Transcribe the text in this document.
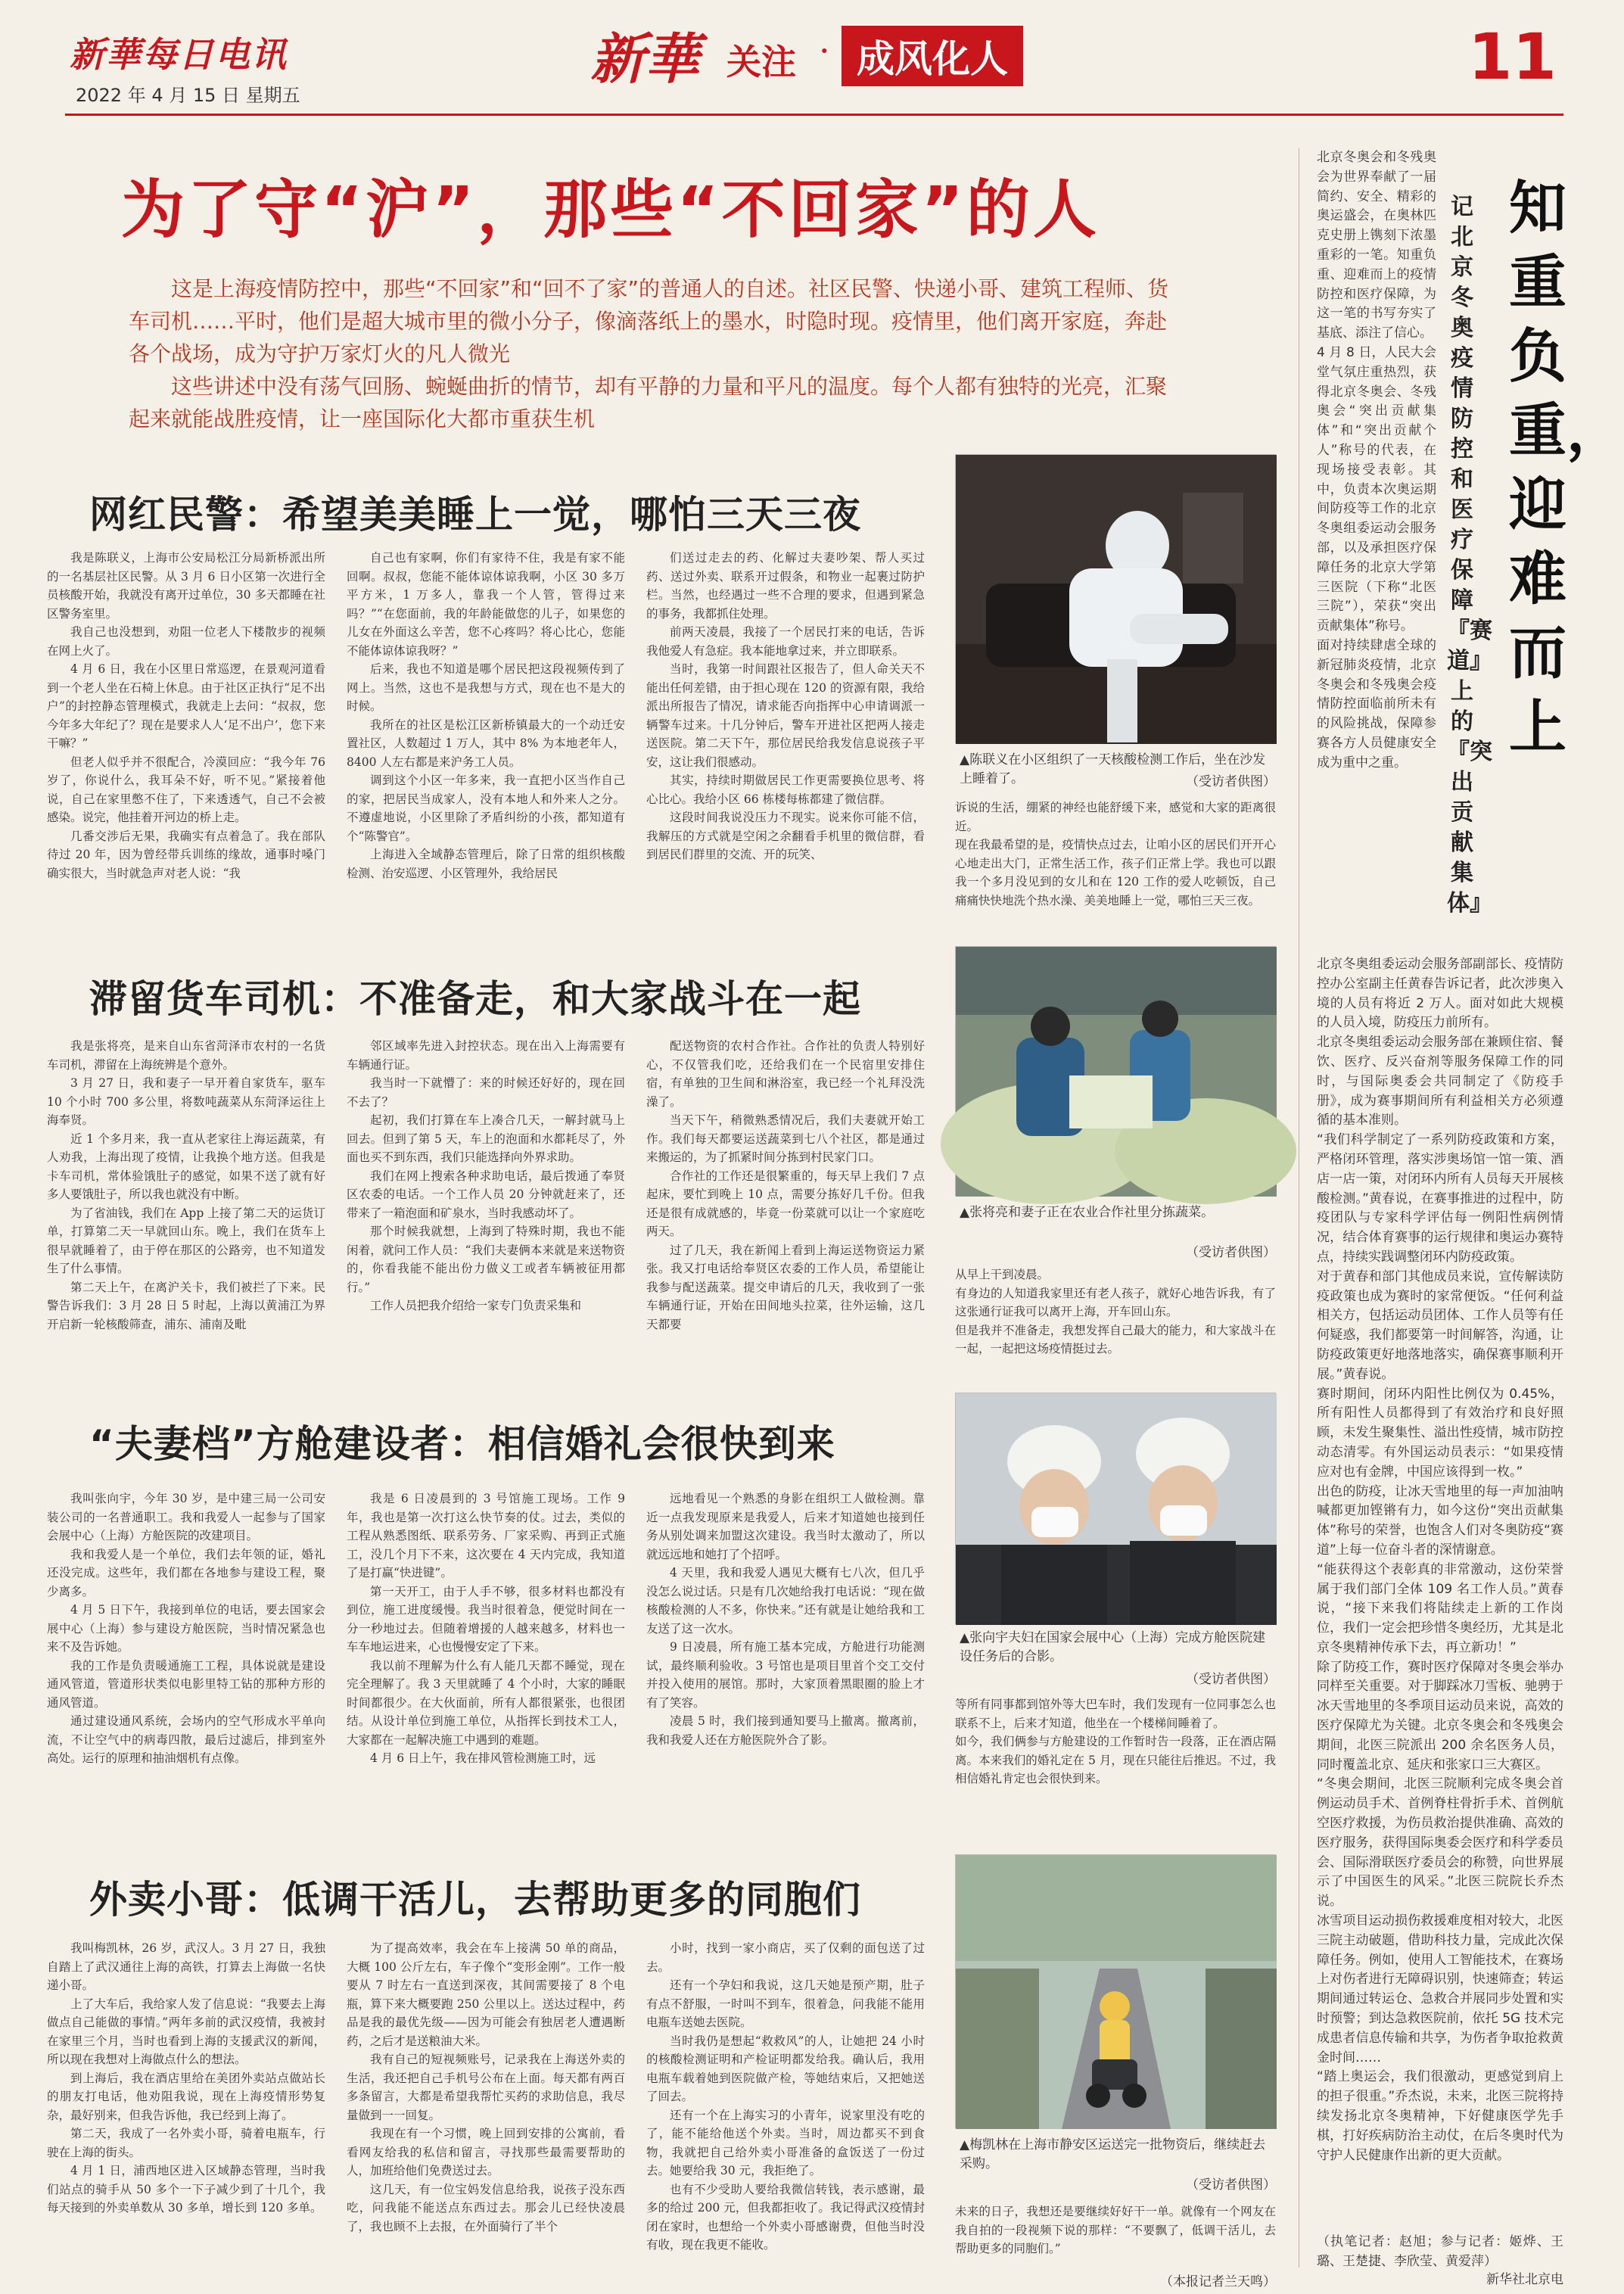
新華每日电讯
2022 年 4 月 15 日 星期五
新華 关注 · 成风化人	11
为了守“沪”，那些“不回家”的人

这是上海疫情防控中，那些“不回家”和“回不了家”的普通人的自述。社区民警、快递小哥、建筑工程师、货车司机……平时，他们是超大城市里的微小分子，像滴落纸上的墨水，时隐时现。疫情里，他们离开家庭，奔赴各个战场，成为守护万家灯火的凡人微光

这些讲述中没有荡气回肠、蜿蜒曲折的情节，却有平静的力量和平凡的温度。每个人都有独特的光亮，汇聚起来就能战胜疫情，让一座国际化大都市重获生机

网红民警：希望美美睡上一觉，哪怕三天三夜

我是陈联义，上海市公安局松江分局新桥派出所的一名基层社区民警。从 3 月 6 日小区第一次进行全员核酸开始，我就没有离开过单位，30 多天都睡在社区警务室里。

我自己也没想到，劝阻一位老人下楼散步的视频在网上火了。

4 月 6 日，我在小区里日常巡逻，在景观河道看到一个老人坐在石椅上休息。由于社区正执行“足不出户”的封控静态管理模式，我就走上去问：“叔叔，您今年多大年纪了？现在是要求人人‘足不出户’，您下来干嘛？”

但老人似乎并不很配合，冷漠回应：“我今年 76 岁了，你说什么，我耳朵不好，听不见。”紧接着他说，自己在家里憋不住了，下来透透气，自己不会被感染。说完，他挂着开河边的桥上走。

几番交涉后无果，我确实有点着急了。我在部队待过 20 年，因为曾经带兵训练的缘故，通事时嗓门确实很大，当时就急声对老人说：“我

自己也有家啊，你们有家待不住，我是有家不能回啊。叔叔，您能不能体谅体谅我啊，小区 30 多万平方米，1 万多人，靠我一个人管，管得过来吗？”“在您面前，我的年龄能做您的儿子，如果您的儿女在外面这么辛苦，您不心疼吗？将心比心，您能不能体谅体谅我呀？”

后来，我也不知道是哪个居民把这段视频传到了网上。当然，这也不是我想与方式，现在也不是大的时候。

我所在的社区是松江区新桥镇最大的一个动迁安置社区，人数超过 1 万人，其中 8% 为本地老年人，8400 人左右都是来沪务工人员。

调到这个小区一年多来，我一直把小区当作自己的家，把居民当成家人，没有本地人和外来人之分。不遵虚地说，小区里除了矛盾纠纷的小孩，都知道有个“陈警官”。

上海进入全域静态管理后，除了日常的组织核酸检测、治安巡逻、小区管理外，我给居民

们送过走去的药、化解过夫妻吵架、帮人买过药、送过外卖、联系开过假条，和物业一起裹过防护栏。当然，也经遇过一些不合理的要求，但遇到紧急的事务，我都抓住处理。

前两天凌晨，我接了一个居民打来的电话，告诉我他爱人有急症。我本能地拿过来，并立即联系。

当时，我第一时间跟社区报告了，但人命关天不能出任何差错，由于担心现在 120 的资源有限，我给派出所报告了情况，请求能否向指挥中心申请调派一辆警车过来。十几分钟后，警车开进社区把两人接走送医院。第二天下午，那位居民给我发信息说孩子平安，这让我们很感动。

其实，持续时期做居民工作更需要换位思考、将心比心。我给小区 66 栋楼每栋都建了微信群。

这段时间我说没压力不现实。说来你可能不信，我解压的方式就是空闲之余翻看手机里的微信群，看到居民们群里的交流、开的玩笑、

▲陈联义在小区组织了一天核酸检测工作后，坐在沙发上睡着了。	（受访者供图）
诉说的生活，绷紧的神经也能舒缓下来，感觉和大家的距离很近。
现在我最希望的是，疫情快点过去，让咱小区的居民们开开心心地走出大门，正常生活工作，孩子们正常上学。我也可以跟我一个多月没见到的女儿和在 120 工作的爱人吃顿饭，自己痛痛快快地洗个热水澡、美美地睡上一觉，哪怕三天三夜。
滞留货车司机：不准备走，和大家战斗在一起

我是张将亮，是来自山东省菏泽市农村的一名货车司机，滞留在上海统辨是个意外。

3 月 27 日，我和妻子一早开着自家货车，驱车 10 个小时 700 多公里，将数吨蔬菜从东菏泽运往上海奉贤。

近 1 个多月来，我一直从老家往上海运蔬菜，有人劝我，上海出现了疫情，让我换个地方送。但我是卡车司机，常体验饿肚子的感觉，如果不送了就有好多人要饿肚子，所以我也就没有中断。

为了省油钱，我们在 App 上接了第二天的运货订单，打算第二天一早就回山东。晚上，我们在货车上很早就睡着了，由于停在那区的公路旁，也不知道发生了什么事情。

第二天上午，在离沪关卡，我们被拦了下来。民警告诉我们：3 月 28 日 5 时起，上海以黄浦江为界开启新一轮核酸筛查，浦东、浦南及毗

邻区域率先进入封控状态。现在出入上海需要有车辆通行证。

我当时一下就懵了：来的时候还好好的，现在回不去了？

起初，我们打算在车上凑合几天，一解封就马上回去。但到了第 5 天，车上的泡面和水都耗尽了，外面也买不到东西，我们只能选择向外界求助。

我们在网上搜索各种求助电话，最后拨通了奉贤区农委的电话。一个工作人员 20 分钟就赶来了，还带来了一箱泡面和矿泉水，当时我感动坏了。

那个时候我就想，上海到了特殊时期，我也不能闲着，就问工作人员：“我们夫妻俩本来就是来送物资的，你看我能不能出份力做义工或者车辆被征用都行。”

工作人员把我介绍给一家专门负责采集和

配送物资的农村合作社。合作社的负责人特别好心，不仅管我们吃，还给我们在一个民宿里安排住宿，有单独的卫生间和淋浴室，我已经一个礼拜没洗澡了。

当天下午，稍微熟悉情况后，我们夫妻就开始工作。我们每天都要运送蔬菜到七八个社区，都是通过来搬运的，为了抓紧时间分拣到村民家门口。

合作社的工作还是很繁重的，每天早上我们 7 点起床，要忙到晚上 10 点，需要分拣好几千份。但我还是很有成就感的，毕竟一份菜就可以让一个家庭吃两天。

过了几天，我在新闻上看到上海运送物资运力紧张。我又打电话给奉贤区农委的工作人员，希望能让我参与配送蔬菜。提交申请后的几天，我收到了一张车辆通行证，开始在田间地头拉菜，往外运输，这几天都要

▲张将亮和妻子正在农业合作社里分拣蔬菜。
（受访者供图）
从早上干到凌晨。
有身边的人知道我家里还有老人孩子，就好心地告诉我，有了这张通行证我可以离开上海，开车回山东。
但是我并不准备走，我想发挥自己最大的能力，和大家战斗在一起，一起把这场疫情挺过去。
“夫妻档”方舱建设者：相信婚礼会很快到来

我叫张向宇，今年 30 岁，是中建三局一公司安装公司的一名普通职工。我和我爱人一起参与了国家会展中心（上海）方舱医院的改建项目。

我和我爱人是一个单位，我们去年领的证，婚礼还没完成。这些年，我们都在各地参与建设工程，聚少离多。

4 月 5 日下午，我接到单位的电话，要去国家会展中心（上海）参与建设方舱医院，当时情况紧急也来不及告诉她。

我的工作是负责暖通施工工程，具体说就是建设通风管道，管道形状类似电影里特工钻的那种方形的通风管道。

通过建设通风系统，会场内的空气形成水平单向流，不让空气中的病毒四散，最后过滤后，排到室外高处。运行的原理和抽油烟机有点像。

我是 6 日凌晨到的 3 号馆施工现场。工作 9 年，我也是第一次打这么快节奏的仗。过去，类似的工程从熟悉图纸、联系劳务、厂家采购、再到正式施工，没几个月下不来，这次要在 4 天内完成，我知道了是打赢“快进键”。

第一天开工，由于人手不够，很多材料也都没有到位，施工进度缓慢。我当时很着急，便觉时间在一分一秒地过去。但随着增援的人越来越多，材料也一车车地运进来，心也慢慢安定了下来。

我以前不理解为什么有人能几天都不睡觉，现在完全理解了。我 3 天里就睡了 4 个小时，大家的睡眠时间都很少。在大伙面前，所有人都很紧张，也很团结。从设计单位到施工单位，从指挥长到技术工人，大家都在一起解决施工中遇到的难题。

4 月 6 日上午，我在排风管检测施工时，远

远地看见一个熟悉的身影在组织工人做检测。靠近一点我发现原来是我爱人，后来才知道她也接到任务从别处调来加盟这次建设。我当时太激动了，所以就远远地和她打了个招呼。

4 天里，我和我爱人遇见大概有七八次，但几乎没怎么说过话。只是有几次她给我打电话说：“现在做核酸检测的人不多，你快来。”还有就是让她给我和工友送了这一次水。

9 日凌晨，所有施工基本完成，方舱进行功能测试，最终顺利验收。3 号馆也是项目里首个交工交付并投入使用的展馆。那时，大家顶着黑眼圈的脸上才有了笑容。

凌晨 5 时，我们接到通知要马上撤离。撤离前，我和我爱人还在方舱医院外合了影。

▲张向宇夫妇在国家会展中心（上海）完成方舱医院建设任务后的合影。
（受访者供图）
等所有同事都到馆外等大巴车时，我们发现有一位同事怎么也联系不上，后来才知道，他坐在一个楼梯间睡着了。
如今，我们俩参与方舱建设的工作暂时告一段落，正在酒店隔离。本来我们的婚礼定在 5 月，现在只能往后推迟。不过，我相信婚礼肯定也会很快到来。
外卖小哥：低调干活儿，去帮助更多的同胞们

我叫梅凯林，26 岁，武汉人。3 月 27 日，我独自踏上了武汉通往上海的高铁，打算去上海做一名快递小哥。

上了大车后，我给家人发了信息说：“我要去上海做点自己能做的事情。”两年多前的武汉疫情，我被封在家里三个月，当时也看到上海的支援武汉的新闻，所以现在我想对上海做点什么的想法。

到上海后，我在酒店里给在美团外卖站点做站长的朋友打电话，他劝阻我说，现在上海疫情形势复杂，最好别来，但我告诉他，我已经到上海了。

第二天，我成了一名外卖小哥，骑着电瓶车，行驶在上海的街头。

4 月 1 日，浦西地区进入区域静态管理，当时我们站点的骑手从 50 多个一下子减少到了十几个，我每天接到的外卖单数从 30 多单，增长到 120 多单。

为了提高效率，我会在车上接满 50 单的商品，大概 100 公斤左右，车子像个“变形金刚”。工作一般要从 7 时左右一直送到深夜，其间需要接了 8 个电瓶，算下来大概要跑 250 公里以上。送达过程中，药品是我的最优先级——因为可能会有独居老人遭遇断药，之后才是送粮油大米。

我有自己的短视频账号，记录我在上海送外卖的生活，我还把自己手机号公布在上面。每天都有两百多条留言，大都是希望我帮忙买药的求助信息，我尽量做到一一回复。

我现在有一个习惯，晚上回到安排的公寓前，看看网友给我的私信和留言，寻找那些最需要帮助的人，加班给他们免费送过去。

这几天，有一位宝妈发信息给我，说孩子没东西吃，问我能不能送点东西过去。那会儿已经快凌晨了，我也顾不上去报，在外面骑行了半个

小时，找到一家小商店，买了仅剩的面包送了过去。

还有一个孕妇和我说，这几天她是预产期，肚子有点不舒服，一时叫不到车，很着急，问我能不能用电瓶车送她去医院。

当时我仍是想起“救救风”的人，让她把 24 小时的核酸检测证明和产检证明都发给我。确认后，我用电瓶车载着她到医院做产检，等她结束后，又把她送了回去。

还有一个在上海实习的小青年，说家里没有吃的了，能不能给他送个外卖。当时，周边都买不到食物，我就把自己给外卖小哥准备的盒饭送了一份过去。她要给我 30 元，我拒绝了。

也有不少受助人要给我微信转钱，表示感谢，最多的给过 200 元，但我都拒收了。我记得武汉疫情封闭在家时，也想给一个外卖小哥感谢费，但他当时没有收，现在我更不能收。

▲梅凯林在上海市静安区运送完一批物资后，继续赶去采购。
（受访者供图）
未来的日子，我想还是要继续好好干一单。就像有一个网友在我自拍的一段视频下说的那样：“不要飘了，低调干活儿，去帮助更多的同胞们。”
（本报记者兰天鸣）
知重负重，迎难而上
记北京冬奥疫情防控和医疗保障『赛道』上的『突出贡献集体』
北京冬奥会和冬残奥会为世界奉献了一届简约、安全、精彩的奥运盛会，在奥林匹克史册上镌刻下浓墨重彩的一笔。知重负重、迎难而上的疫情防控和医疗保障，为这一笔的书写夯实了基底、添注了信心。
4 月 8 日，人民大会堂气氛庄重热烈，获得北京冬奥会、冬残奥会“突出贡献集体”和“突出贡献个人”称号的代表，在现场接受表彰。其中，负责本次奥运期间防疫等工作的北京冬奥组委运动会服务部，以及承担医疗保障任务的北京大学第三医院（下称“北医三院”），荣获“突出贡献集体”称号。
面对持续肆虐全球的新冠肺炎疫情，北京冬奥会和冬残奥会疫情防控面临前所未有的风险挑战，保障参赛各方人员健康安全成为重中之重。
北京冬奥组委运动会服务部副部长、疫情防控办公室副主任黄春告诉记者，此次涉奥入境的人员有将近 2 万人。面对如此大规模的人员入境，防疫压力前所有。
北京冬奥组委运动会服务部在兼顾住宿、餐饮、医疗、反兴奋剂等服务保障工作的同时，与国际奥委会共同制定了《防疫手册》，成为赛事期间所有利益相关方必须遵循的基本准则。
“我们科学制定了一系列防疫政策和方案，严格闭环管理，落实涉奥场馆一馆一策、酒店一店一策，对闭环内所有人员每天开展核酸检测。”黄春说，在赛事推进的过程中，防疫团队与专家科学评估每一例阳性病例情况，结合体育赛事的运行规律和奥运办赛特点，持续实践调整闭环内防疫政策。
对于黄春和部门其他成员来说，宣传解读防疫政策也成为赛时的家常便饭。“任何利益相关方，包括运动员团体、工作人员等有任何疑惑，我们都要第一时间解答，沟通，让防疫政策更好地落地落实，确保赛事顺利开展。”黄春说。
赛时期间，闭环内阳性比例仅为 0.45%，所有阳性人员都得到了有效治疗和良好照顾，未发生聚集性、溢出性疫情，城市防控动态清零。有外国运动员表示：“如果疫情应对也有金牌，中国应该得到一枚。”
出色的防疫，让冰天雪地里的每一声加油呐喊都更加铿锵有力，如今这份“突出贡献集体”称号的荣誉，也饱含人们对冬奥防疫“赛道”上每一位奋斗者的深情谢意。
“能获得这个表彰真的非常激动，这份荣誉属于我们部门全体 109 名工作人员。”黄春说，“接下来我们将陆续走上新的工作岗位，我们一定会把珍惜冬奥经历，尤其是北京冬奥精神传承下去，再立新功！”
除了防疫工作，赛时医疗保障对冬奥会举办同样至关重要。对于脚踩冰刀雪板、驰骋于冰天雪地里的冬季项目运动员来说，高效的医疗保障尤为关键。北京冬奥会和冬残奥会期间，北医三院派出 200 余名医务人员，同时覆盖北京、延庆和张家口三大赛区。
“冬奥会期间，北医三院顺利完成冬奥会首例运动员手术、首例脊柱骨折手术、首例航空医疗救援，为伤员救治提供准确、高效的医疗服务，获得国际奥委会医疗和科学委员会、国际滑联医疗委员会的称赞，向世界展示了中国医生的风采。”北医三院院长乔杰说。
冰雪项目运动损伤救援难度相对较大，北医三院主动破题，借助科技力量，完成此次保障任务。例如，使用人工智能技术，在赛场上对伤者进行无障碍识别，快速筛查；转运期间通过转运仓、急救合并展同步处置和实时预警；到达急救医院前，依托 5G 技术完成患者信息传输和共享，为伤者争取抢救黄金时间……
“踏上奥运会，我们很激动，更感觉到肩上的担子很重。”乔杰说，未来，北医三院将持续发扬北京冬奥精神，下好健康医学先手棋，打好疾病防治主动仗，在后冬奥时代为守护人民健康作出新的更大贡献。
（执笔记者：赵旭；参与记者：姬烨、王璐、王楚捷、李欣莹、黄爱萍）
新华社北京电
